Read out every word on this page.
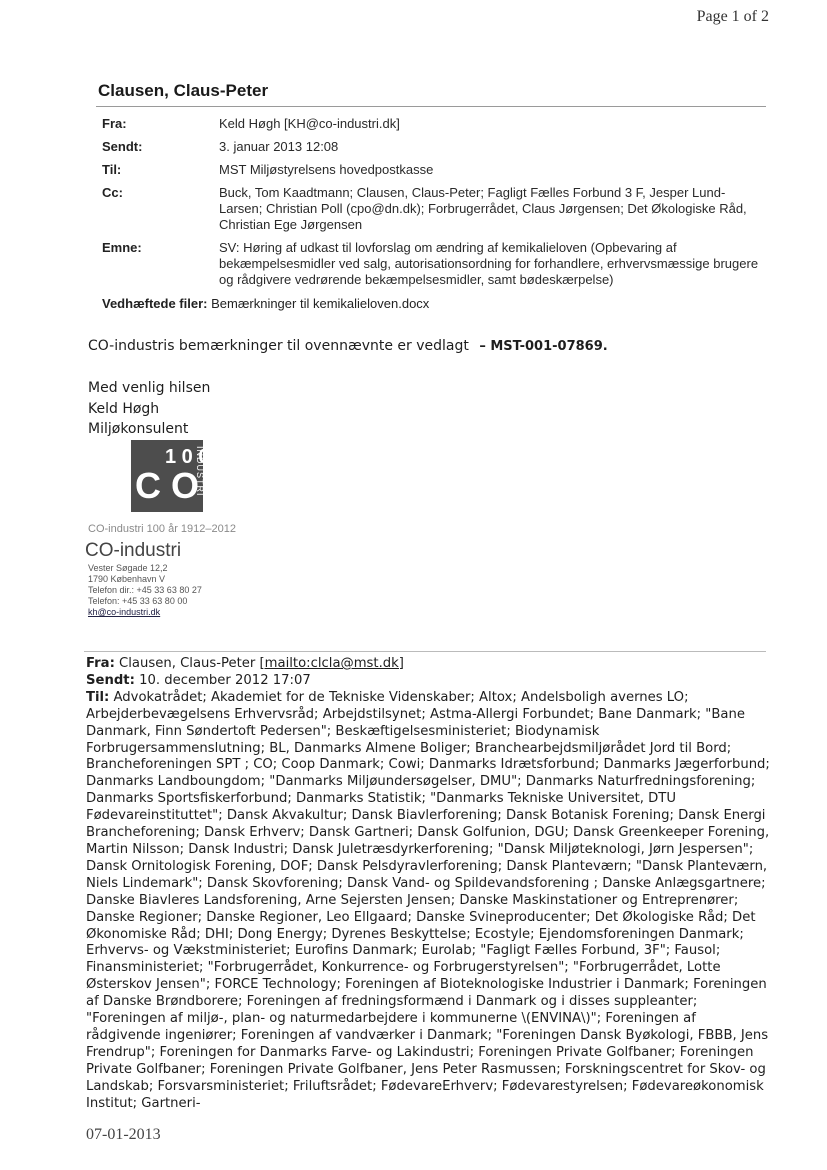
Page 1 of 2
Clausen, Claus-Peter
Fra:	Keld Høgh [KH@co-industri.dk]
Sendt:	3. januar 2013 12:08
Til:	MST Miljøstyrelsens hovedpostkasse
Cc:	Buck, Tom Kaadtmann; Clausen, Claus-Peter; Fagligt Fælles Forbund 3 F, Jesper Lund-Larsen; Christian Poll (cpo@dn.dk); Forbrugerrådet, Claus Jørgensen; Det Økologiske Råd, Christian Ege Jørgensen
Emne:	SV: Høring af udkast til lovforslag om ændring af kemikalieloven (Opbevaring af bekæmpelsesmidler ved salg, autorisationsordning for forhandlere, erhvervsmæssige brugere og rådgivere vedrørende bekæmpelsesmidler, samt bødeskærpelse)
Vedhæftede filer: Bemærkninger til kemikalieloven.docx
CO-industris bemærkninger til ovennævnte er vedlagt – MST-001-07869.
Med venlig hilsen
Keld Høgh
Miljøkonsulent
1 0
C O
INDUSTRI
CO-industri 100 år 1912–2012
CO-industri
Vester Søgade 12,2
1790 København V
Telefon dir.: +45 33 63 80 27
Telefon: +45 33 63 80 00
kh@co-industri.dk
Fra: Clausen, Claus-Peter [mailto:clcla@mst.dk]
Sendt: 10. december 2012 17:07
Til: Advokatrådet; Akademiet for de Tekniske Videnskaber; Altox; Andelsboligh avernes LO; Arbejderbevægelsens Erhvervsråd; Arbejdstilsynet; Astma-Allergi Forbundet; Bane Danmark; "Bane Danmark, Finn Søndertoft Pedersen"; Beskæftigelsesministeriet; Biodynamisk Forbrugersammenslutning; BL, Danmarks Almene Boliger; Branchearbejdsmiljørådet Jord til Bord; Brancheforeningen SPT ; CO; Coop Danmark; Cowi; Danmarks Idrætsforbund; Danmarks Jægerforbund; Danmarks Landboungdom; "Danmarks Miljøundersøgelser, DMU"; Danmarks Naturfredningsforening; Danmarks Sportsfiskerforbund; Danmarks Statistik; "Danmarks Tekniske Universitet, DTU Fødevareinstituttet"; Dansk Akvakultur; Dansk Biavlerforening; Dansk Botanisk Forening; Dansk Energi Brancheforening; Dansk Erhverv; Dansk Gartneri; Dansk Golfunion, DGU; Dansk Greenkeeper Forening, Martin Nilsson; Dansk Industri; Dansk Juletræsdyrkerforening; "Dansk Miljøteknologi, Jørn Jespersen"; Dansk Ornitologisk Forening, DOF; Dansk Pelsdyravlerforening; Dansk Planteværn; "Dansk Planteværn, Niels Lindemark"; Dansk Skovforening; Dansk Vand- og Spildevandsforening ; Danske Anlægsgartnere; Danske Biavleres Landsforening, Arne Sejersten Jensen; Danske Maskinstationer og Entreprenører; Danske Regioner; Danske Regioner, Leo Ellgaard; Danske Svineproducenter; Det Økologiske Råd; Det Økonomiske Råd; DHI; Dong Energy; Dyrenes Beskyttelse; Ecostyle; Ejendomsforeningen Danmark; Erhvervs- og Vækstministeriet; Eurofins Danmark; Eurolab; "Fagligt Fælles Forbund, 3F"; Fausol; Finansministeriet; "Forbrugerrådet, Konkurrence- og Forbrugerstyrelsen"; "Forbrugerrådet, Lotte Østerskov Jensen"; FORCE Technology; Foreningen af Bioteknologiske Industrier i Danmark; Foreningen af Danske Brøndborere; Foreningen af fredningsformænd i Danmark og i disses suppleanter; "Foreningen af miljø-, plan- og naturmedarbejdere i kommunerne \(ENVINA\)"; Foreningen af rådgivende ingeniører; Foreningen af vandværker i Danmark; "Foreningen Dansk Byøkologi, FBBB, Jens Frendrup"; Foreningen for Danmarks Farve- og Lakindustri; Foreningen Private Golfbaner; Foreningen Private Golfbaner; Foreningen Private Golfbaner, Jens Peter Rasmussen; Forskningscentret for Skov- og Landskab; Forsvarsministeriet; Friluftsrådet; FødevareErhverv; Fødevarestyrelsen; Fødevareøkonomisk Institut; Gartneri-
07-01-2013
